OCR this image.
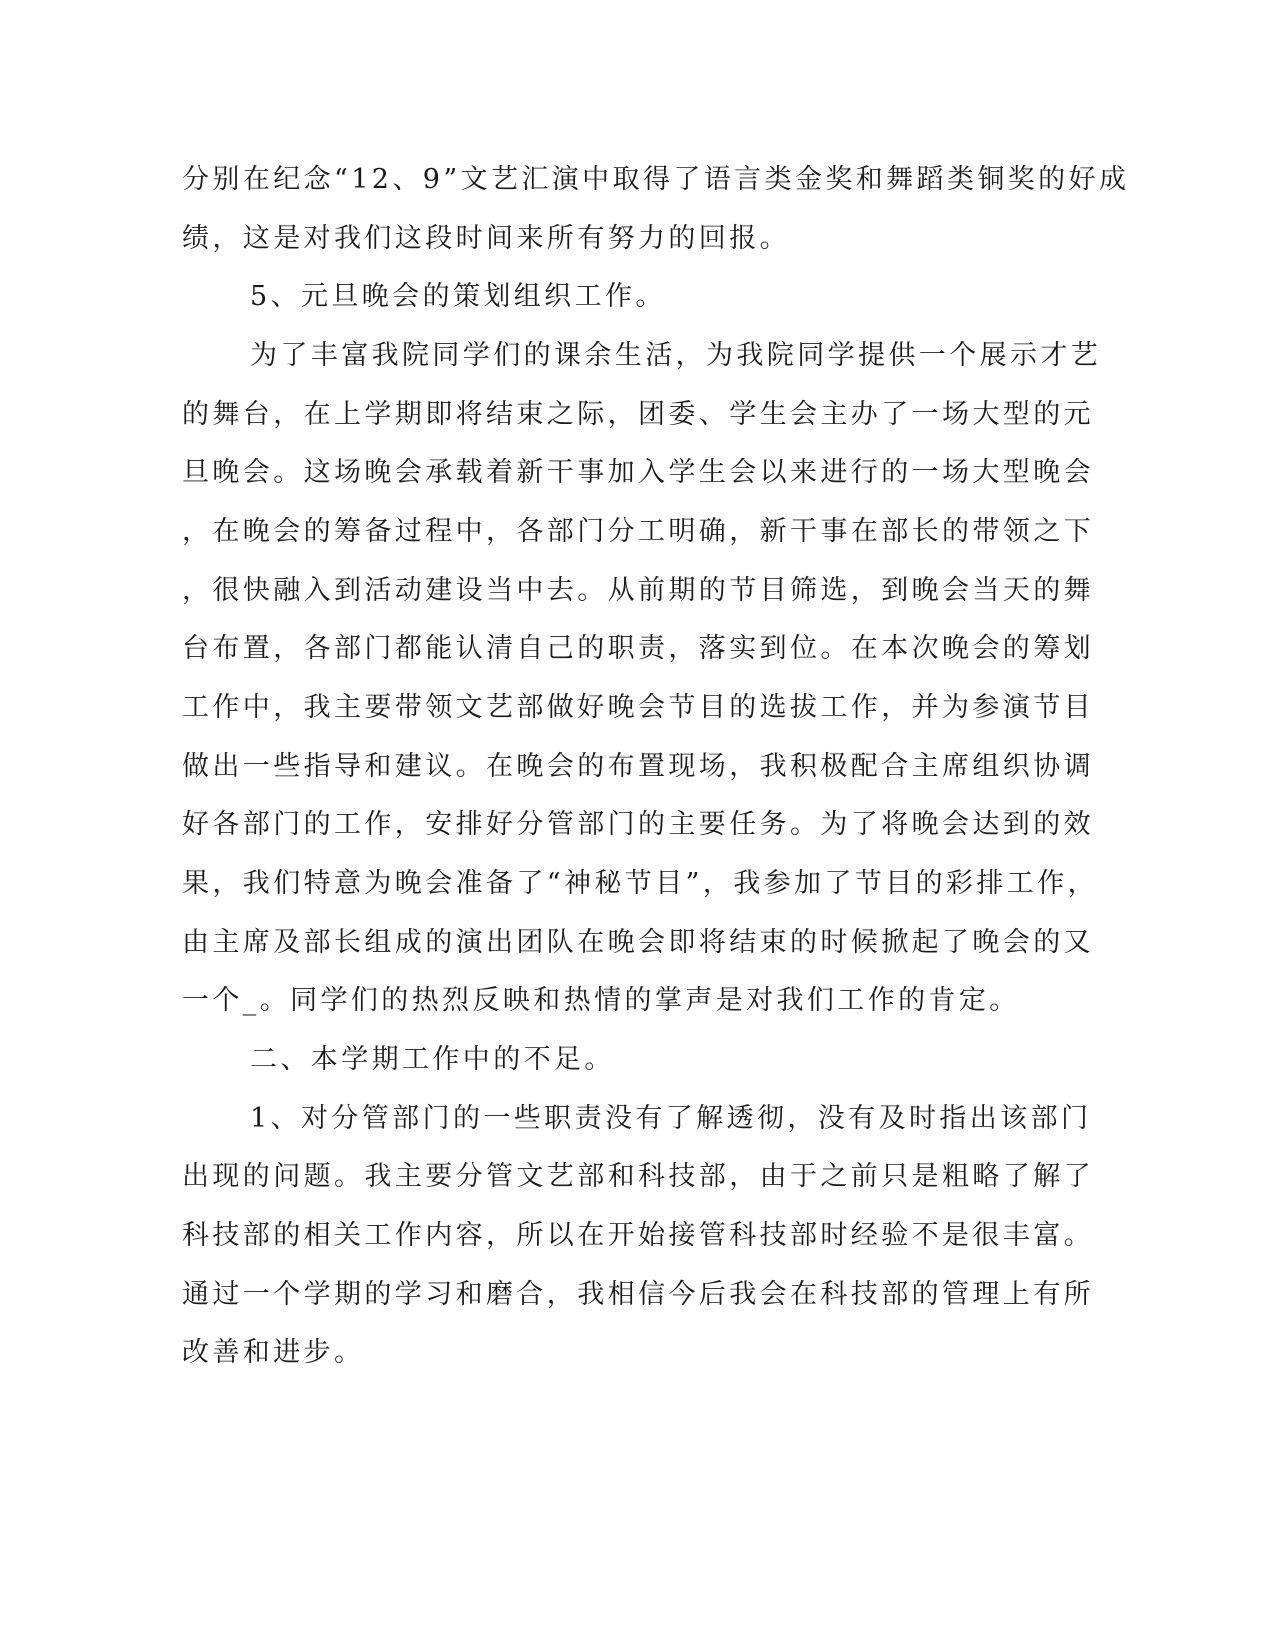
分别在纪念“12、9”文艺汇演中取得了语言类金奖和舞蹈类铜奖的好成
绩，这是对我们这段时间来所有努力的回报。
5、元旦晚会的策划组织工作。
为了丰富我院同学们的课余生活，为我院同学提供一个展示才艺
的舞台，在上学期即将结束之际，团委、学生会主办了一场大型的元
旦晚会。这场晚会承载着新干事加入学生会以来进行的一场大型晚会
，在晚会的筹备过程中，各部门分工明确，新干事在部长的带领之下
，很快融入到活动建设当中去。从前期的节目筛选，到晚会当天的舞
台布置，各部门都能认清自己的职责，落实到位。在本次晚会的筹划
工作中，我主要带领文艺部做好晚会节目的选拔工作，并为参演节目
做出一些指导和建议。在晚会的布置现场，我积极配合主席组织协调
好各部门的工作，安排好分管部门的主要任务。为了将晚会达到的效
果，我们特意为晚会准备了“神秘节目”，我参加了节目的彩排工作，
由主席及部长组成的演出团队在晚会即将结束的时候掀起了晚会的又
一个_。同学们的热烈反映和热情的掌声是对我们工作的肯定。
二、本学期工作中的不足。
1、对分管部门的一些职责没有了解透彻，没有及时指出该部门
出现的问题。我主要分管文艺部和科技部，由于之前只是粗略了解了
科技部的相关工作内容，所以在开始接管科技部时经验不是很丰富。
通过一个学期的学习和磨合，我相信今后我会在科技部的管理上有所
改善和进步。
